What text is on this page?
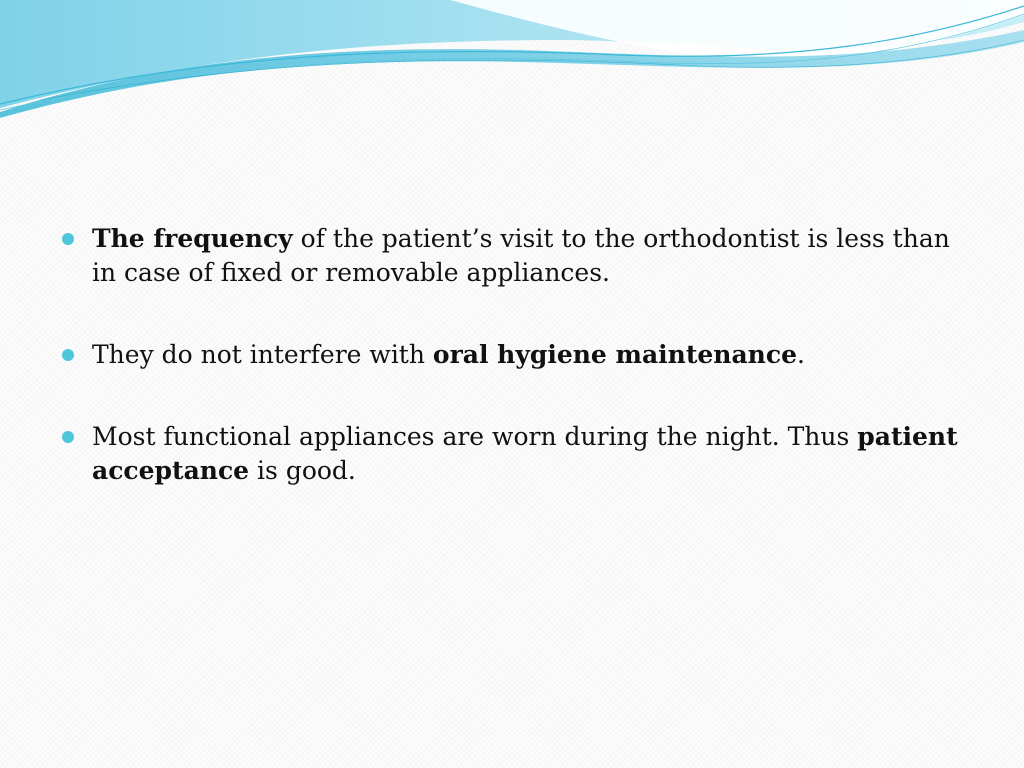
The frequency of the patient’s visit to the orthodontist is less than in case of fixed or removable appliances.
They do not interfere with oral hygiene maintenance.
Most functional appliances are worn during the night. Thus patient acceptance is good.
